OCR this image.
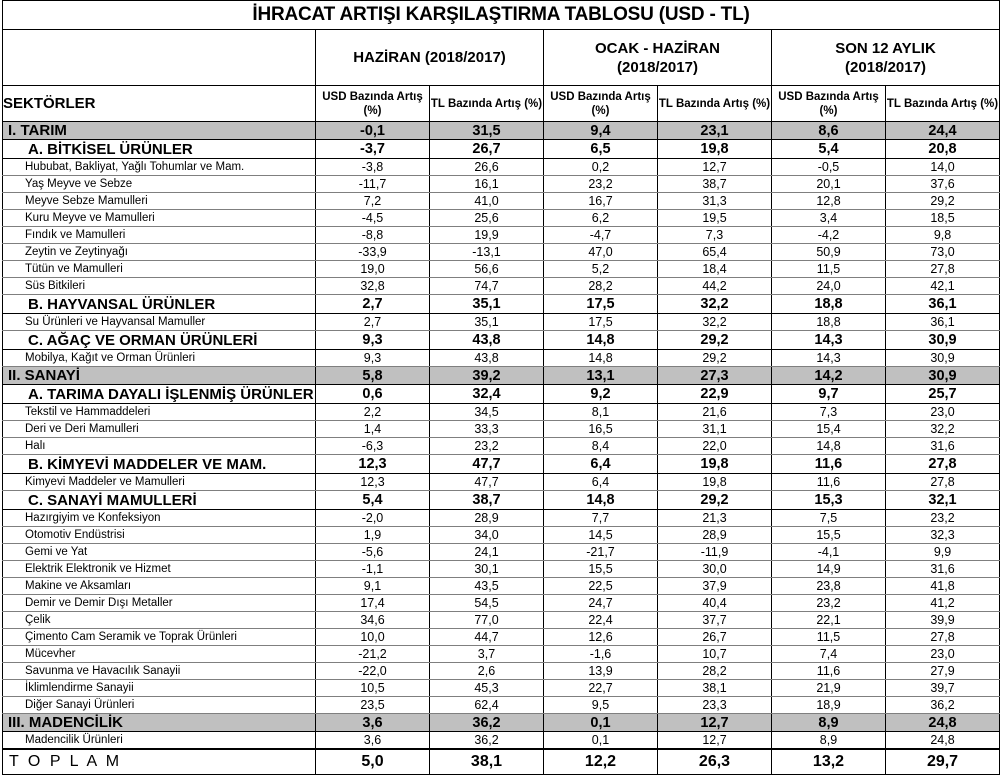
İHRACAT ARTIŞI KARŞILAŞTIRMA TABLOSU (USD - TL)						
	HAZİRAN (2018/2017)		OCAK - HAZİRAN
(2018/2017)		SON 12 AYLIK
(2018/2017)	
SEKTÖRLER	USD Bazında Artış (%)	TL Bazında Artış (%)	USD Bazında Artış (%)	TL Bazında Artış (%)	USD Bazında Artış (%)	TL Bazında Artış (%)
I. TARIM	-0,1	31,5	9,4	23,1	8,6	24,4
A. BİTKİSEL ÜRÜNLER	-3,7	26,7	6,5	19,8	5,4	20,8
Hububat, Bakliyat, Yağlı Tohumlar ve Mam.	-3,8	26,6	0,2	12,7	-0,5	14,0
Yaş Meyve ve Sebze	-11,7	16,1	23,2	38,7	20,1	37,6
Meyve Sebze Mamulleri	7,2	41,0	16,7	31,3	12,8	29,2
Kuru Meyve ve Mamulleri	-4,5	25,6	6,2	19,5	3,4	18,5
Fındık ve Mamulleri	-8,8	19,9	-4,7	7,3	-4,2	9,8
Zeytin ve Zeytinyağı	-33,9	-13,1	47,0	65,4	50,9	73,0
Tütün ve Mamulleri	19,0	56,6	5,2	18,4	11,5	27,8
Süs Bitkileri	32,8	74,7	28,2	44,2	24,0	42,1
B. HAYVANSAL ÜRÜNLER	2,7	35,1	17,5	32,2	18,8	36,1
Su Ürünleri ve Hayvansal Mamuller	2,7	35,1	17,5	32,2	18,8	36,1
C. AĞAÇ VE ORMAN ÜRÜNLERİ	9,3	43,8	14,8	29,2	14,3	30,9
Mobilya, Kağıt ve Orman Ürünleri	9,3	43,8	14,8	29,2	14,3	30,9
II. SANAYİ	5,8	39,2	13,1	27,3	14,2	30,9
A. TARIMA DAYALI İŞLENMİŞ ÜRÜNLER	0,6	32,4	9,2	22,9	9,7	25,7
Tekstil ve Hammaddeleri	2,2	34,5	8,1	21,6	7,3	23,0
Deri ve Deri Mamulleri	1,4	33,3	16,5	31,1	15,4	32,2
Halı	-6,3	23,2	8,4	22,0	14,8	31,6
B. KİMYEVİ MADDELER VE MAM.	12,3	47,7	6,4	19,8	11,6	27,8
Kimyevi Maddeler ve Mamulleri	12,3	47,7	6,4	19,8	11,6	27,8
C. SANAYİ MAMULLERİ	5,4	38,7	14,8	29,2	15,3	32,1
Hazırgiyim ve Konfeksiyon	-2,0	28,9	7,7	21,3	7,5	23,2
Otomotiv Endüstrisi	1,9	34,0	14,5	28,9	15,5	32,3
Gemi ve Yat	-5,6	24,1	-21,7	-11,9	-4,1	9,9
Elektrik Elektronik ve Hizmet	-1,1	30,1	15,5	30,0	14,9	31,6
Makine ve Aksamları	9,1	43,5	22,5	37,9	23,8	41,8
Demir ve Demir Dışı Metaller	17,4	54,5	24,7	40,4	23,2	41,2
Çelik	34,6	77,0	22,4	37,7	22,1	39,9
Çimento Cam Seramik ve Toprak Ürünleri	10,0	44,7	12,6	26,7	11,5	27,8
Mücevher	-21,2	3,7	-1,6	10,7	7,4	23,0
Savunma ve Havacılık Sanayii	-22,0	2,6	13,9	28,2	11,6	27,9
İklimlendirme Sanayii	10,5	45,3	22,7	38,1	21,9	39,7
Diğer Sanayi Ürünleri	23,5	62,4	9,5	23,3	18,9	36,2
III. MADENCİLİK	3,6	36,2	0,1	12,7	8,9	24,8
Madencilik Ürünleri	3,6	36,2	0,1	12,7	8,9	24,8
T O P L A M	5,0	38,1	12,2	26,3	13,2	29,7
